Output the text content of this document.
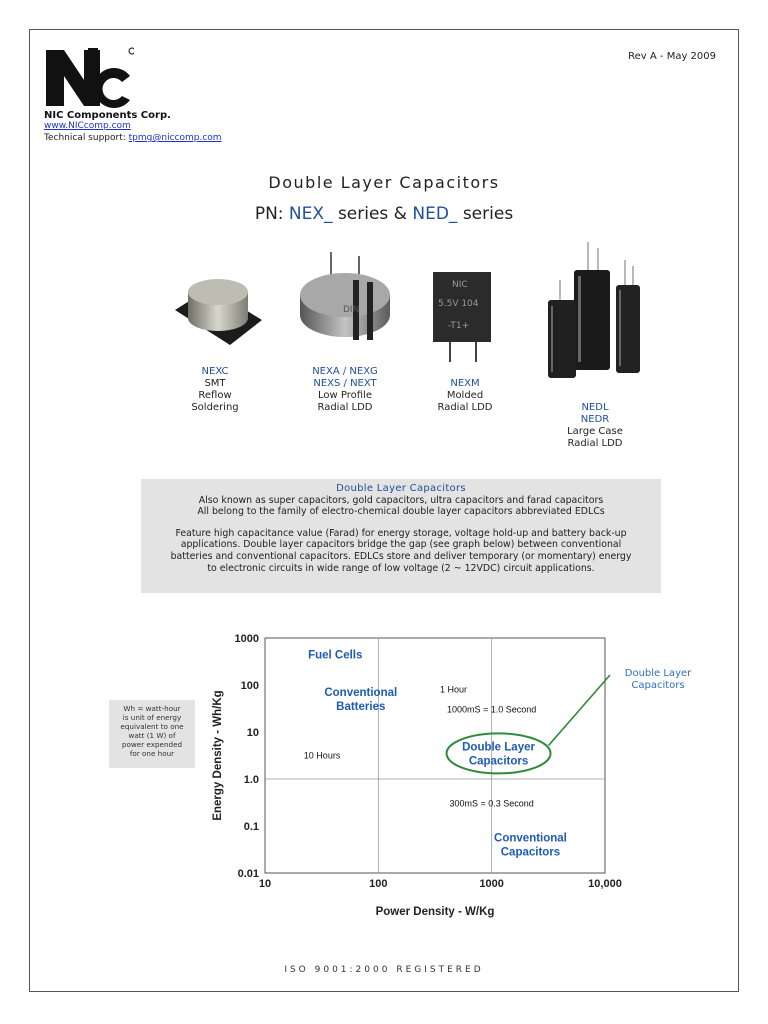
NIC Components Corp.
www.NICcomp.com
Technical support: tpmg@niccomp.com
Rev A - May 2009
Double Layer Capacitors
PN: NEX_ series & NED_ series
DIN
NIC
5.5V 104
-T1+
NEXC
SMT
Reflow
Soldering
NEXA / NEXG
NEXS / NEXT
Low Profile
Radial LDD
NEXM
Molded
Radial LDD	NEDL
NEDR
Large Case
Radial LDD
Double Layer Capacitors
Also known as super capacitors, gold capacitors, ultra capacitors and farad capacitors
All belong to the family of electro-chemical double layer capacitors abbreviated EDLCs
Feature high capacitance value (Farad) for energy storage, voltage hold-up and battery back-up
applications. Double layer capacitors bridge the gap (see graph below) between conventional
batteries and conventional capacitors. EDLCs store and deliver temporary (or momentary) energy
to electronic circuits in wide range of low voltage (2 ~ 12VDC) circuit applications.
Wh = watt-hour
is unit of energy
equivalent to one
watt (1 W) of
power expended
for one hour
10	100	1000	10,000
0.01
0.1
1.0
10
100
1000
Power Density - W/Kg
Energy Density - Wh/Kg
Fuel Cells
Conventional
Batteries
Double Layer
Capacitors
Conventional
Capacitors
1 Hour
1000mS = 1.0 Second
10 Hours
300mS = 0.3 Second
Double Layer
Capacitors
ISO 9001:2000 REGISTERED
